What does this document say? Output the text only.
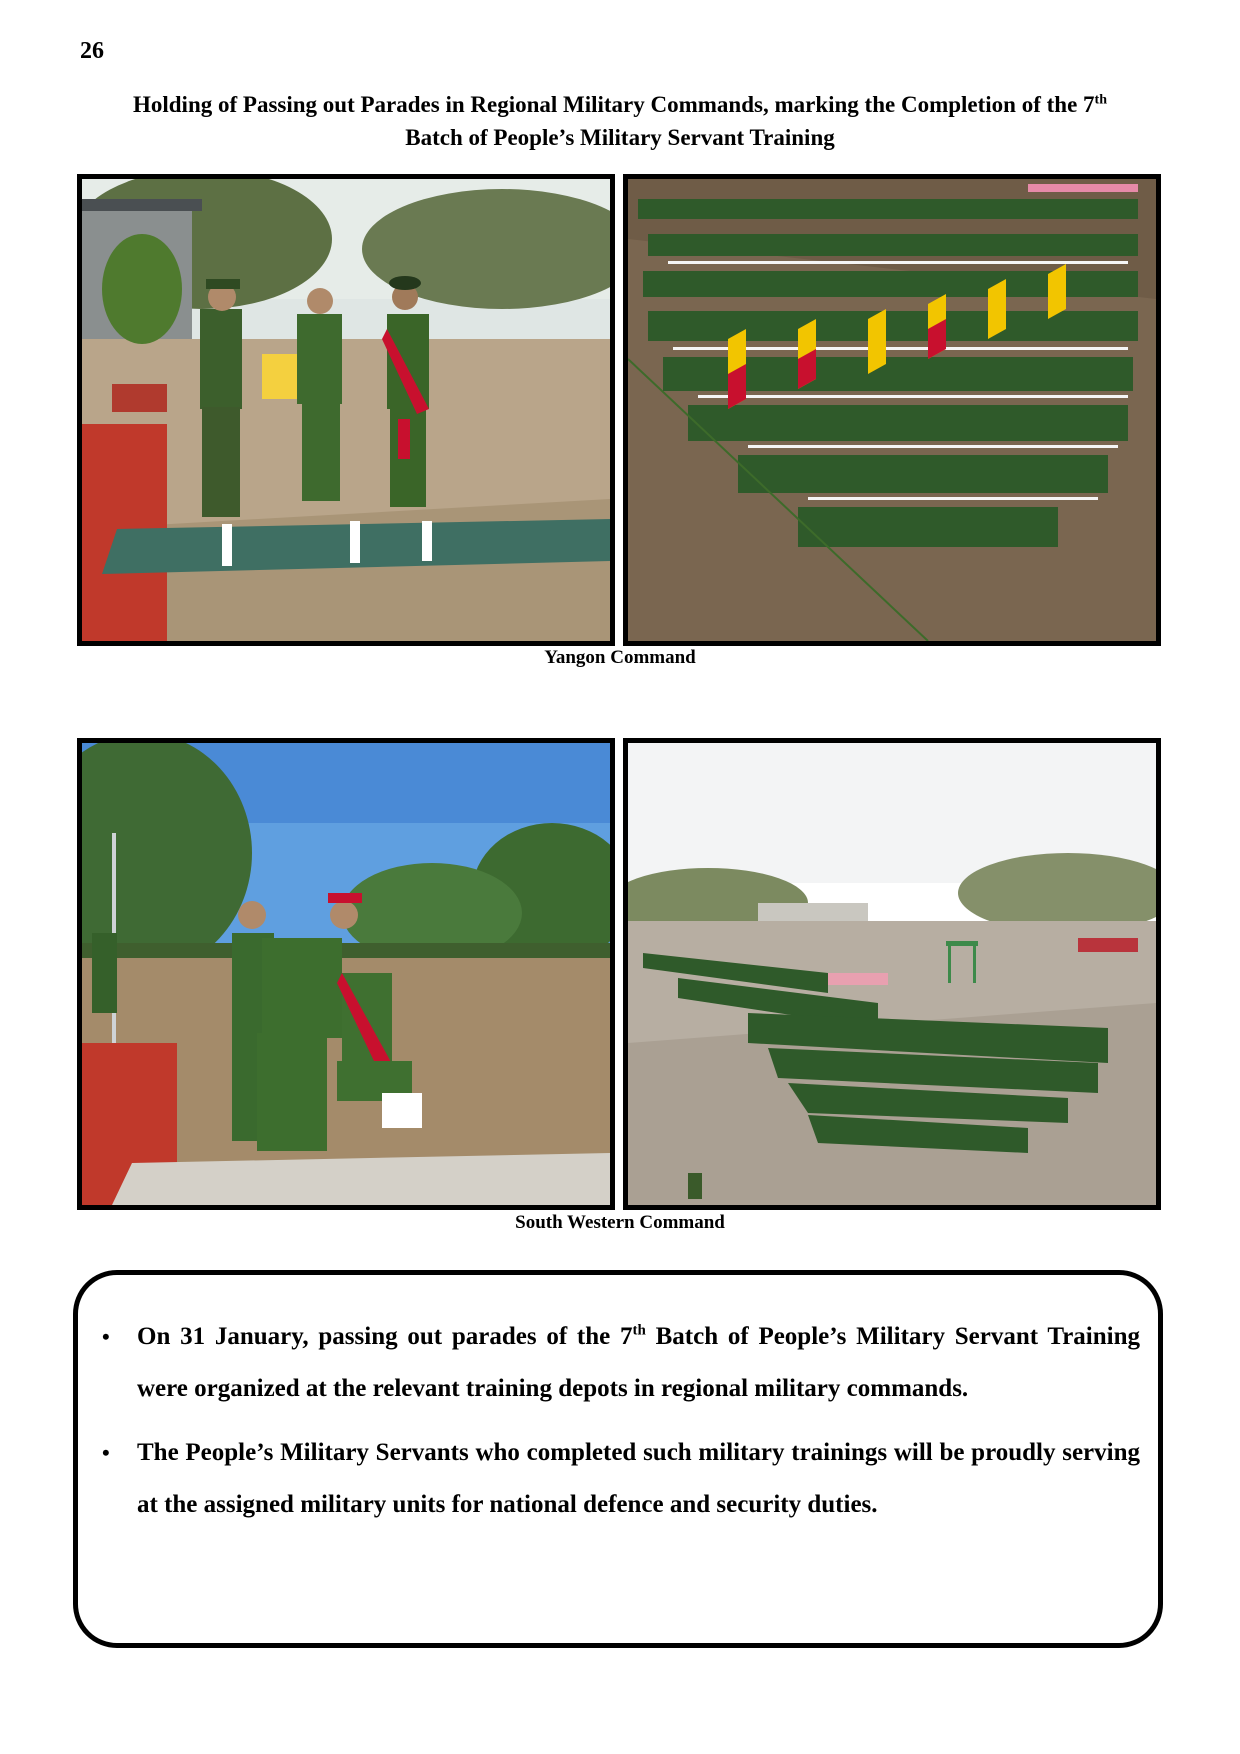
26
Holding of Passing out Parades in Regional Military Commands, marking the Completion of the 7th
Batch of People’s Military Servant Training
Yangon Command
South Western Command
• On 31 January, passing out parades of the 7th Batch of People’s Military Servant Training were organized at the relevant training depots in regional military commands.
• The People’s Military Servants who completed such military trainings will be proudly serving at the assigned military units for national defence and security duties.
